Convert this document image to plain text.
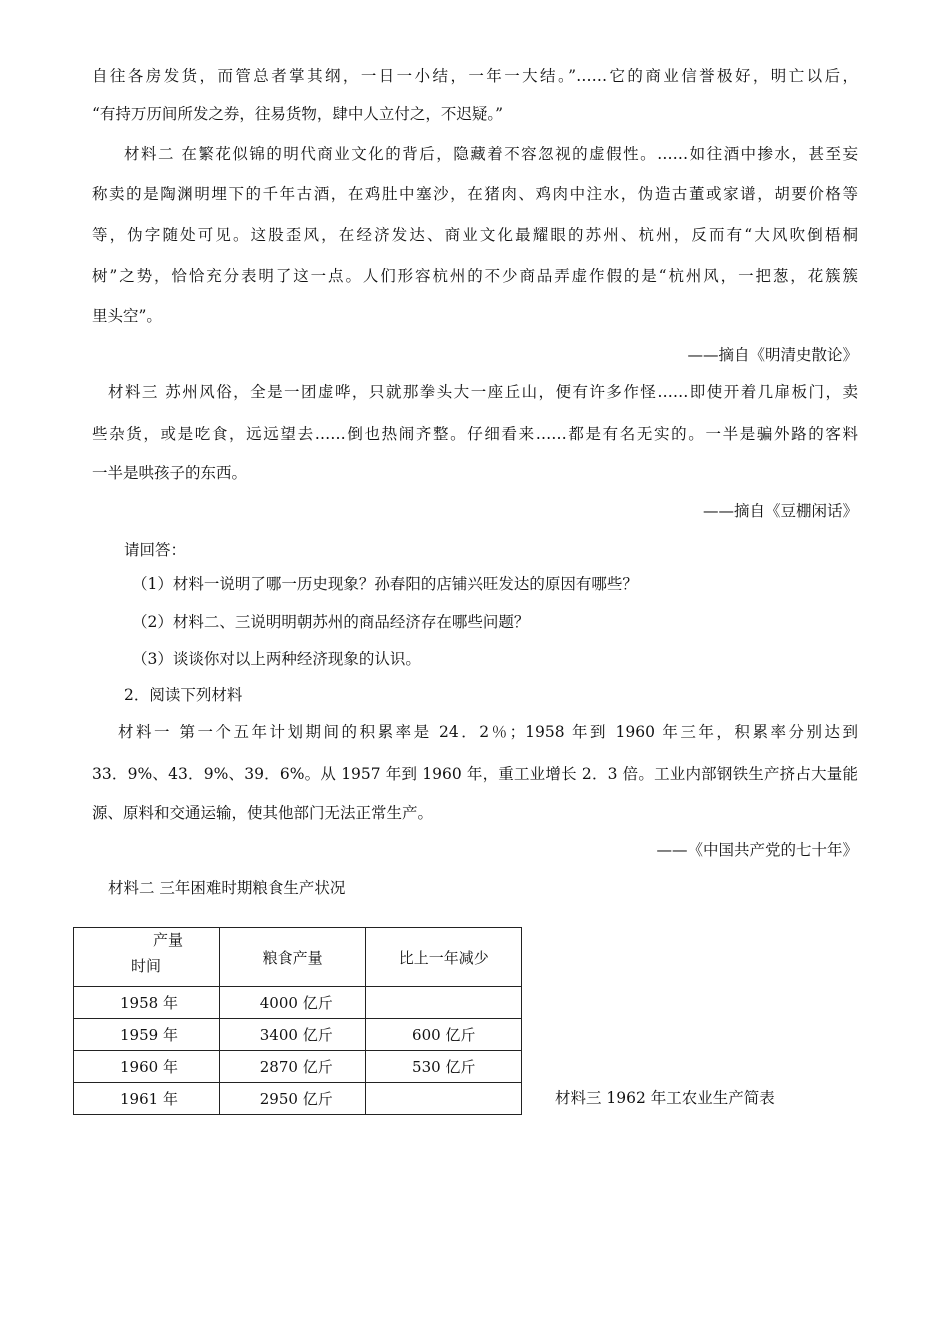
自往各房发货，而管总者掌其纲，一日一小结，一年一大结。”……它的商业信誉极好，明亡以后，
“有持万历间所发之券，往易货物，肆中人立付之，不迟疑。”
材料二 在繁花似锦的明代商业文化的背后，隐藏着不容忽视的虚假性。……如往酒中掺水，甚至妄
称卖的是陶渊明埋下的千年古酒，在鸡肚中塞沙，在猪肉、鸡肉中注水，伪造古董或家谱，胡要价格等
等，伪字随处可见。这股歪风，在经济发达、商业文化最耀眼的苏州、杭州，反而有“大风吹倒梧桐
树”之势，恰恰充分表明了这一点。人们形容杭州的不少商品弄虚作假的是“杭州风，一把葱，花簇簇
里头空”。
——摘自《明清史散论》
材料三 苏州风俗，全是一团虚哗，只就那拳头大一座丘山，便有许多作怪……即使开着几扉板门，卖
些杂货，或是吃食，远远望去……倒也热闹齐整。仔细看来……都是有名无实的。一半是骗外路的客料
一半是哄孩子的东西。
——摘自《豆棚闲话》
请回答：
（1）材料一说明了哪一历史现象？孙春阳的店铺兴旺发达的原因有哪些？
（2）材料二、三说明明朝苏州的商品经济存在哪些问题？
（3）谈谈你对以上两种经济现象的认识。
2．阅读下列材料
材料一 第一个五年计划期间的积累率是 24．2％；1958 年到 1960 年三年，积累率分别达到
33．9%、43．9%、39．6%。从 1957 年到 1960 年，重工业增长 2．3 倍。工业内部钢铁生产挤占大量能
源、原料和交通运输，使其他部门无法正常生产。
——《中国共产党的七十年》
材料二 三年困难时期粮食生产状况
产量
时间	粮食产量	比上一年减少
1958 年	4000 亿斤	
1959 年	3400 亿斤	600 亿斤
1960 年	2870 亿斤	530 亿斤
1961 年	2950 亿斤		材料三 1962 年工农业生产简表
